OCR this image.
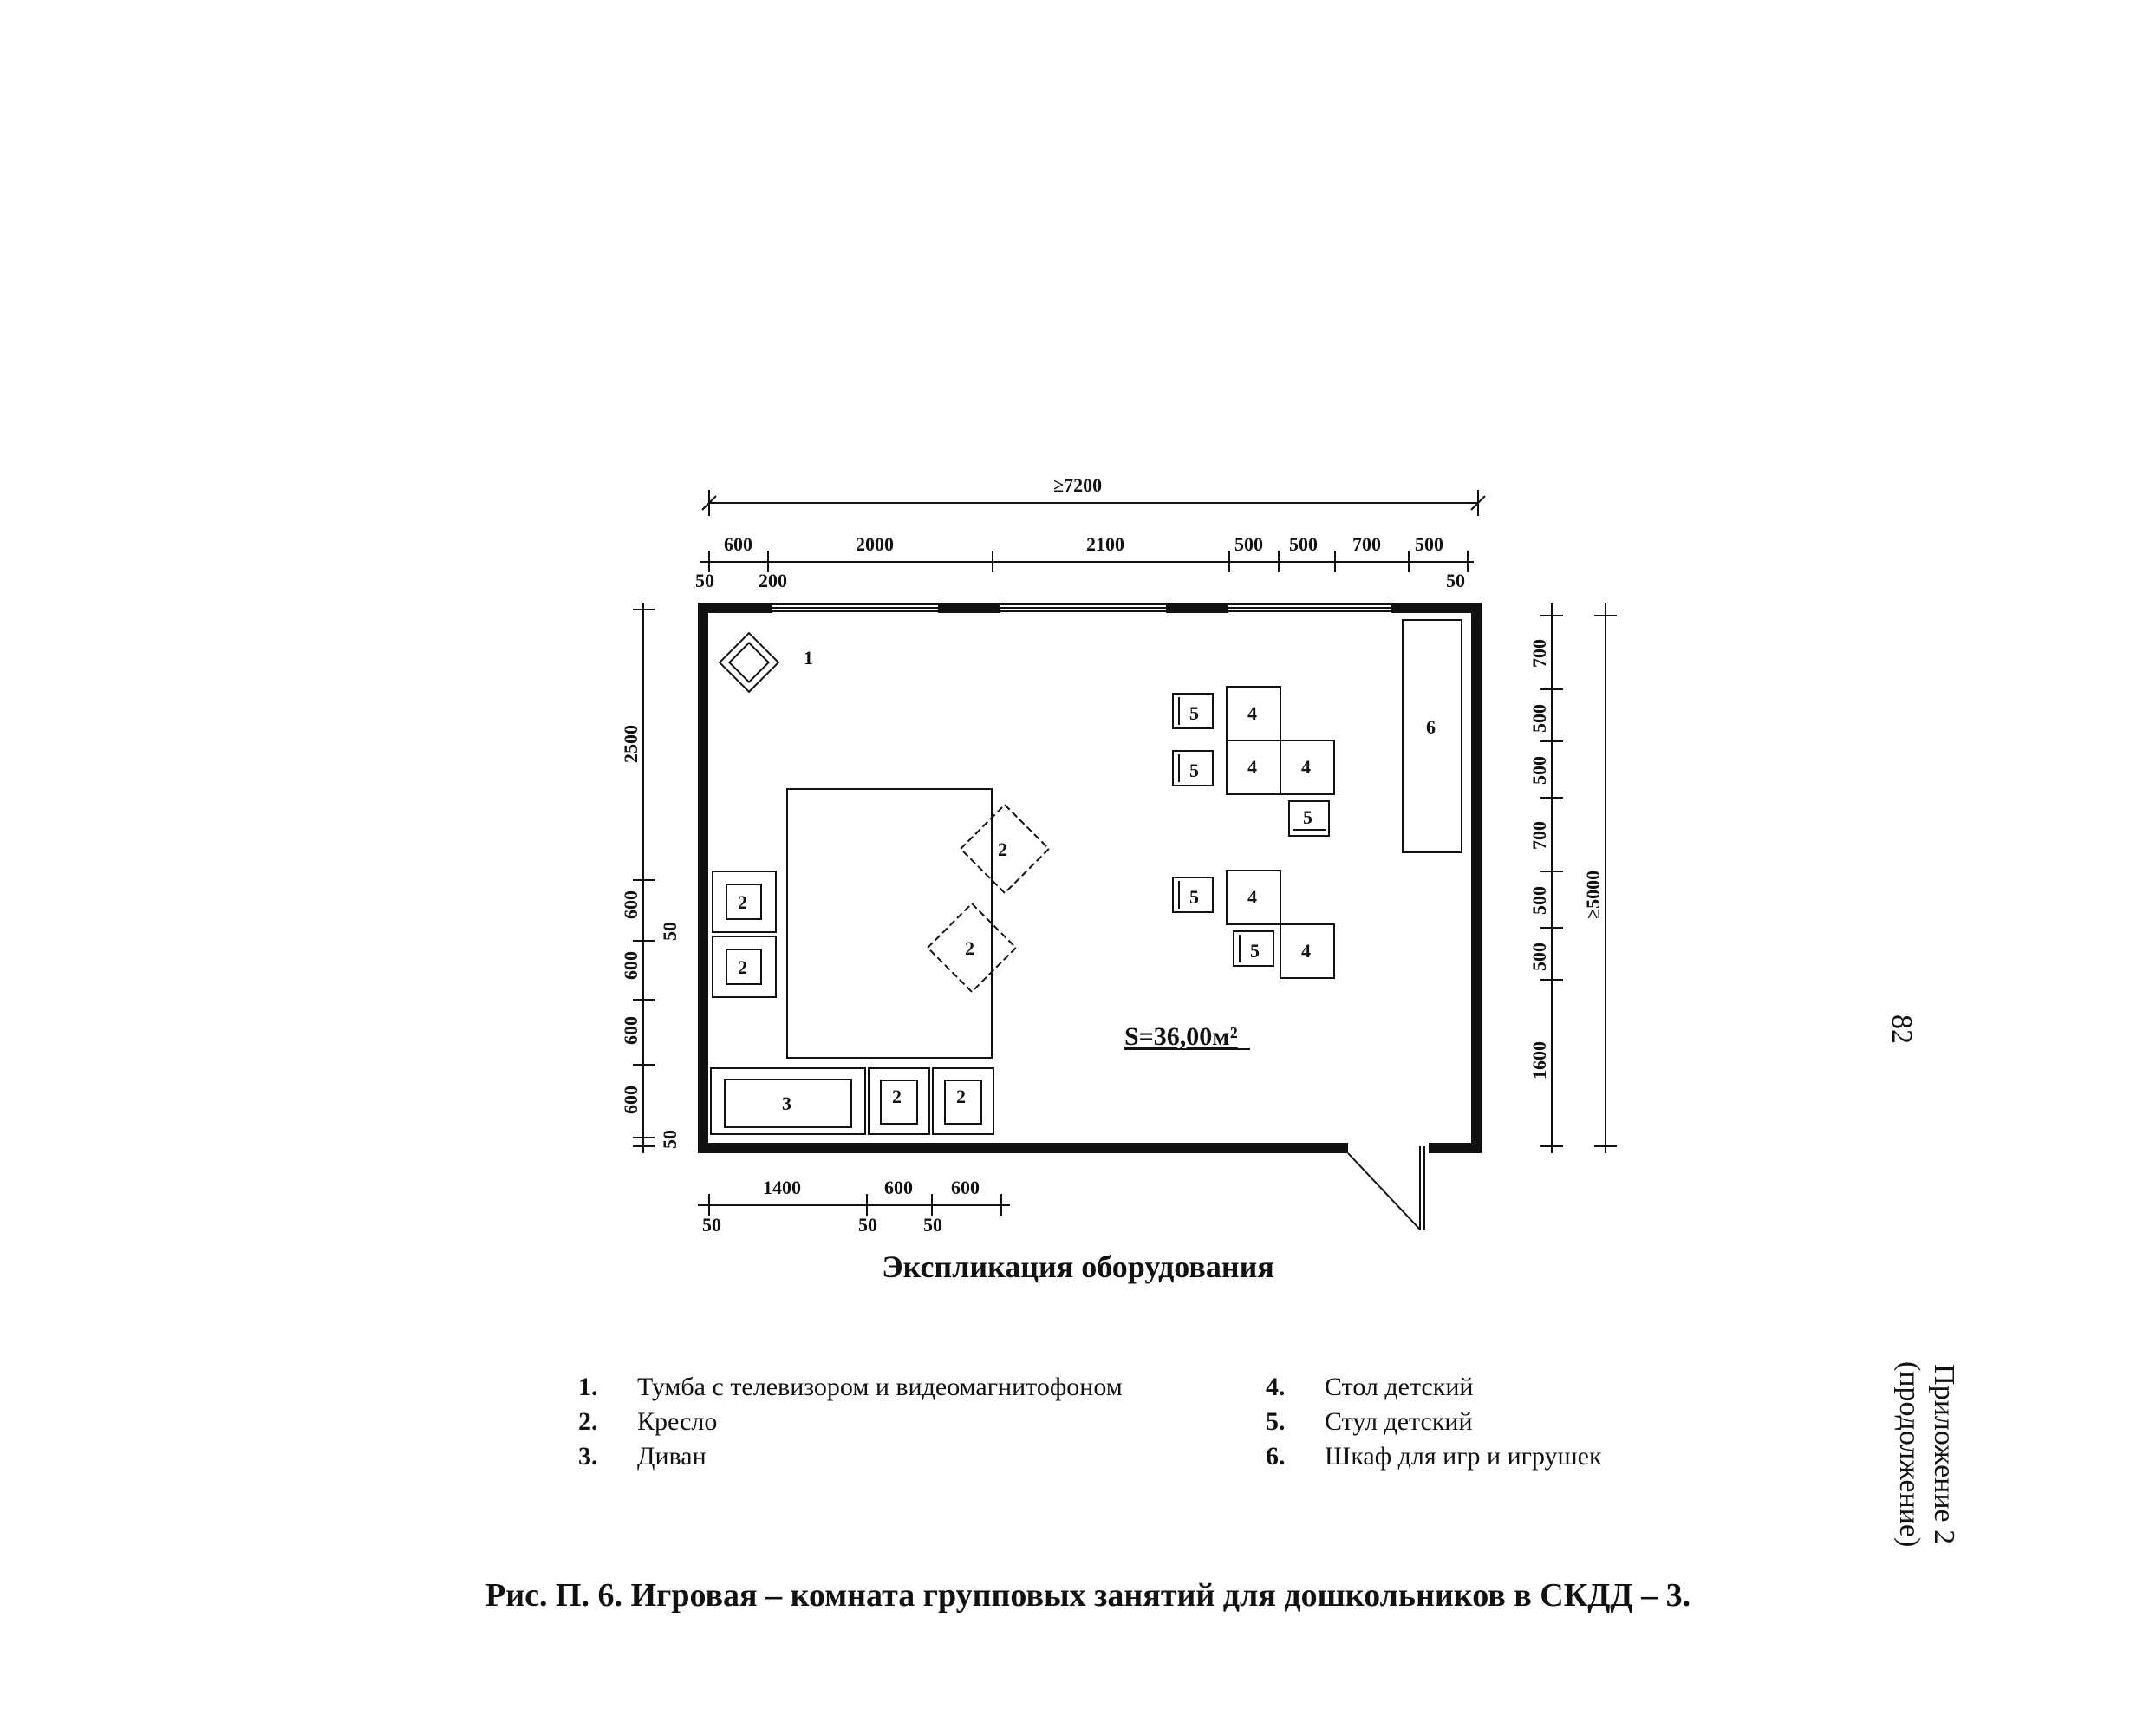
≥7200
600	2000	2100	500 500 700 500
50 200	50
2500
600
600
600
600
50
50
700
500
500
700
500
500
1600
≥5000
1400	600 600
50	50 50
1
2
2
3	2	2
2
2
4
4 4
4
4
5
5
5
5
5
6
S=36,00м²
Экспликация оборудования
1.	Тумба с телевизором и видеомагнитофоном
2.	Кресло
3.	Диван
4.	Стол детский
5.	Стул детский
6.	Шкаф для игр и игрушек
Рис. П. 6. Игровая – комната групповых занятий для дошкольников в СКДД – 3.
82
Приложение 2
(продолжение)
